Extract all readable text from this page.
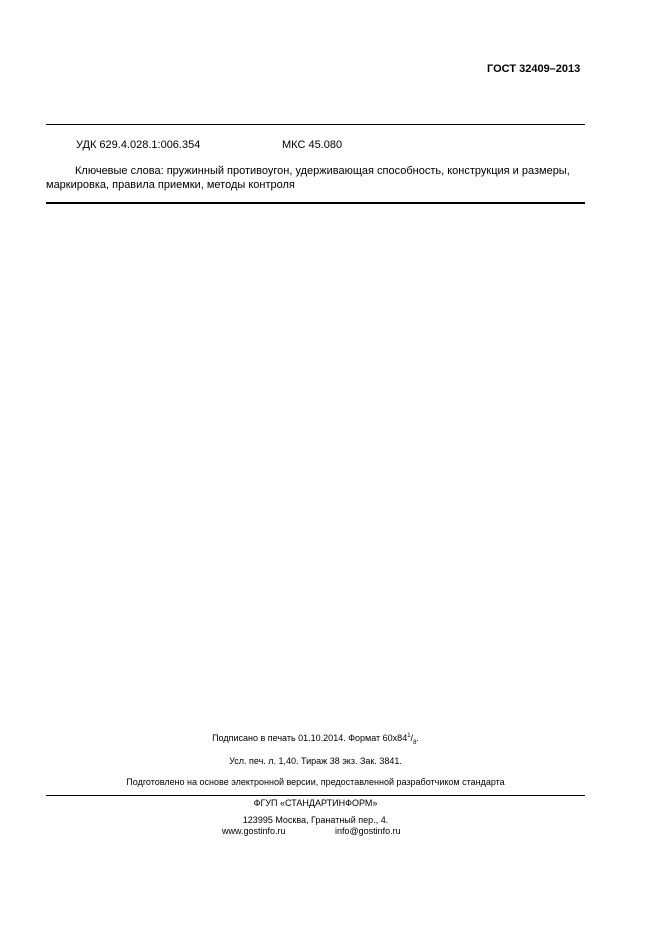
ГОСТ 32409–2013
УДК 629.4.028.1:006.354	МКС 45.080
Ключевые слова: пружинный противоугон, удерживающая способность, конструкция и размеры, маркировка, правила приемки, методы контроля
Подписано в печать 01.10.2014. Формат $60x84^1/_8$.
Усл. печ. л. 1,40. Тираж 38 экз. Зак. 3841.
Подготовлено на основе электронной версии, предоставленной разработчиком стандарта
ФГУП «СТАНДАРТИНФОРМ»
123995 Москва, Гранатный пер., 4.
www.gostinfo.ru	info@gostinfo.ru
